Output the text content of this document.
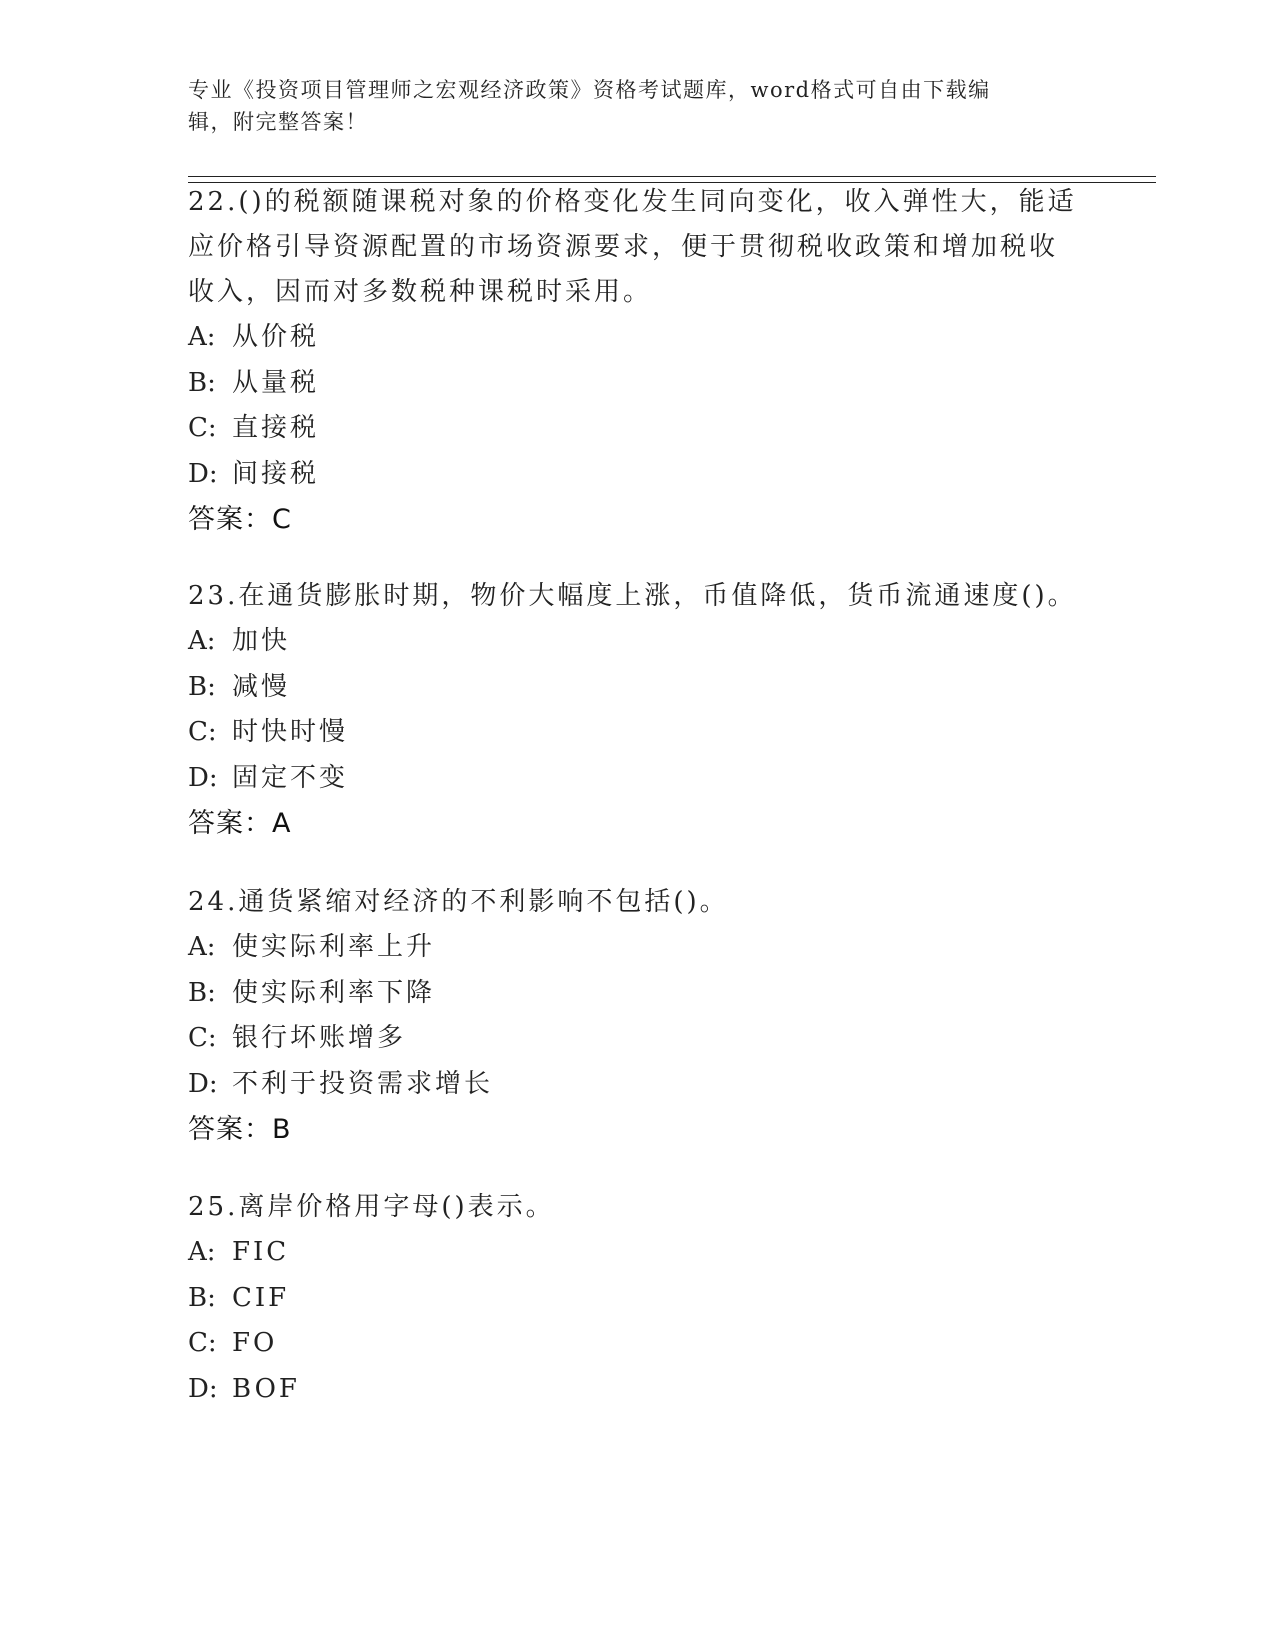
专业《投资项目管理师之宏观经济政策》资格考试题库，word格式可自由下载编
辑，附完整答案！
22.()的税额随课税对象的价格变化发生同向变化，收入弹性大，能适
应价格引导资源配置的市场资源要求，便于贯彻税收政策和增加税收
收入，因而对多数税种课税时采用。
A: 从价税
B: 从量税
C: 直接税
D: 间接税
答案：C
23.在通货膨胀时期，物价大幅度上涨，币值降低，货币流通速度()。
A: 加快
B: 减慢
C: 时快时慢
D: 固定不变
答案：A
24.通货紧缩对经济的不利影响不包括()。
A: 使实际利率上升
B: 使实际利率下降
C: 银行坏账增多
D: 不利于投资需求增长
答案：B
25.离岸价格用字母()表示。
A: FIC
B: CIF
C: FO
D: BOF
